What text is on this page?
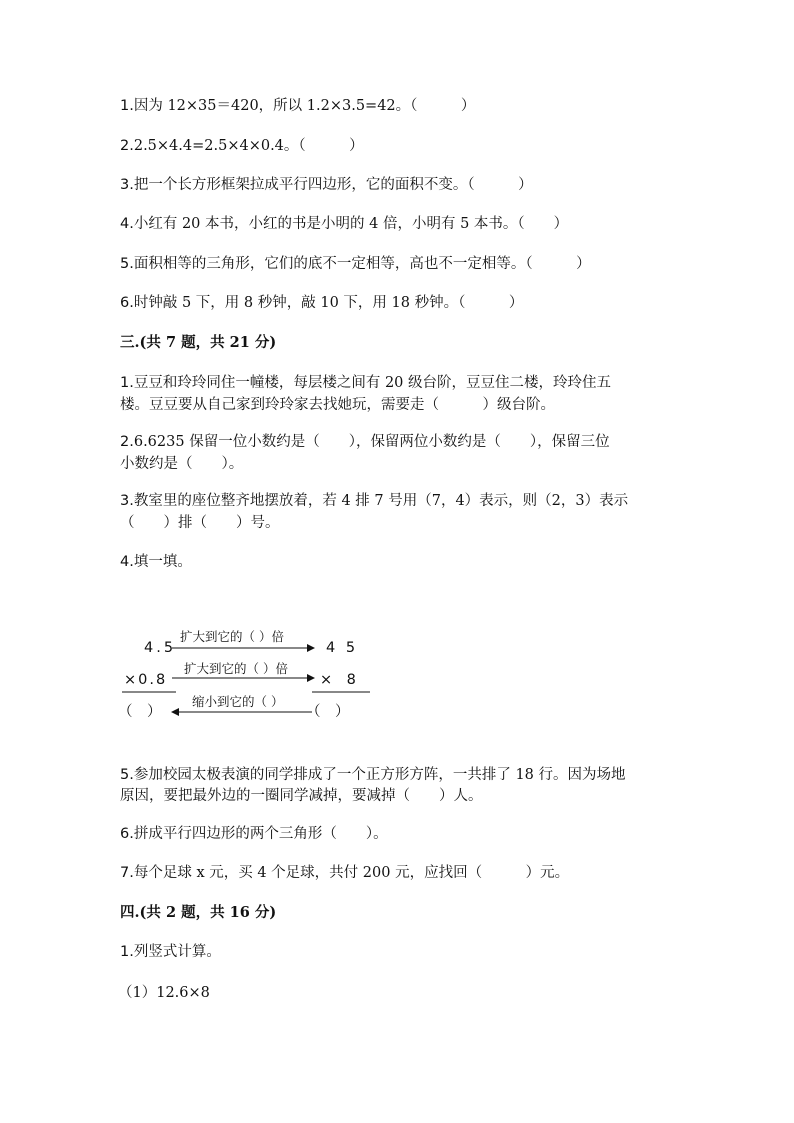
1.因为 12×35＝420，所以 1.2×3.5=42。（　　　）
2.2.5×4.4=2.5×4×0.4。（　　　）
3.把一个长方形框架拉成平行四边形，它的面积不变。（　　　）
4.小红有 20 本书，小红的书是小明的 4 倍，小明有 5 本书。（　　）
5.面积相等的三角形，它们的底不一定相等，高也不一定相等。（　　　）
6.时钟敲 5 下，用 8 秒钟，敲 10 下，用 18 秒钟。（　　　）
三.(共 7 题，共 21 分)
1.豆豆和玲玲同住一幢楼，每层楼之间有 20 级台阶，豆豆住二楼，玲玲住五
楼。豆豆要从自己家到玲玲家去找她玩，需要走（　　　）级台阶。
2.6.6235 保留一位小数约是（　　），保留两位小数约是（　　），保留三位
小数约是（　　）。
3.教室里的座位整齐地摆放着，若 4 排 7 号用（7，4）表示，则（2，3）表示
（　　）排（　　）号。
4.填一填。
4.5
×0.8
（　）
4 5
×　8
（　）
扩大到它的（ ）倍
扩大到它的（ ）倍
缩小到它的（ ）
5.参加校园太极表演的同学排成了一个正方形方阵，一共排了 18 行。因为场地
原因，要把最外边的一圈同学减掉，要减掉（　　）人。
6.拼成平行四边形的两个三角形（　　）。
7.每个足球 x 元，买 4 个足球，共付 200 元，应找回（　　　）元。
四.(共 2 题，共 16 分)
1.列竖式计算。
（1）12.6×8
